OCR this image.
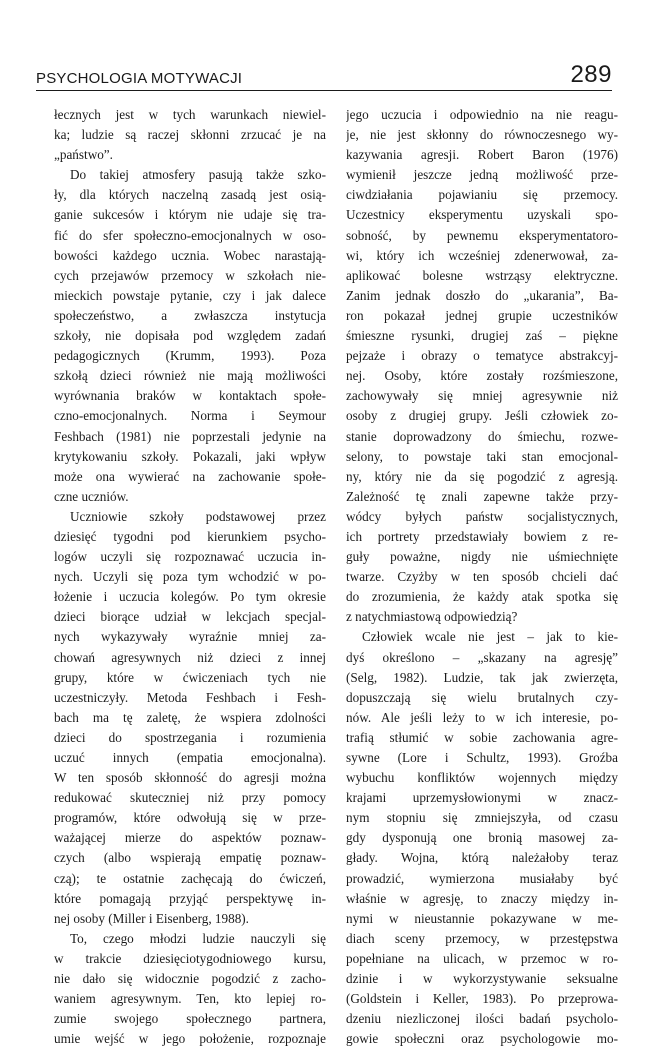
PSYCHOLOGIA MOTYWACJI	289
łecznych jest w tych warunkach niewiel-
ka; ludzie są raczej skłonni zrzucać je na
„państwo”.
Do takiej atmosfery pasują także szko-
ły, dla których naczelną zasadą jest osią-
ganie sukcesów i którym nie udaje się tra-
fić do sfer społeczno-emocjonalnych w oso-
bowości każdego ucznia. Wobec narastają-
cych przejawów przemocy w szkołach nie-
mieckich powstaje pytanie, czy i jak dalece
społeczeństwo, a zwłaszcza instytucja
szkoły, nie dopisała pod względem zadań
pedagogicznych (Krumm, 1993). Poza
szkołą dzieci również nie mają możliwości
wyrównania braków w kontaktach społe-
czno-emocjonalnych. Norma i Seymour
Feshbach (1981) nie poprzestali jedynie na
krytykowaniu szkoły. Pokazali, jaki wpływ
może ona wywierać na zachowanie społe-
czne uczniów.
Uczniowie szkoły podstawowej przez
dziesięć tygodni pod kierunkiem psycho-
logów uczyli się rozpoznawać uczucia in-
nych. Uczyli się poza tym wchodzić w po-
łożenie i uczucia kolegów. Po tym okresie
dzieci biorące udział w lekcjach specjal-
nych wykazywały wyraźnie mniej za-
chowań agresywnych niż dzieci z innej
grupy, które w ćwiczeniach tych nie
uczestniczyły. Metoda Feshbach i Fesh-
bach ma tę zaletę, że wspiera zdolności
dzieci do spostrzegania i rozumienia
uczuć innych (empatia emocjonalna).
W ten sposób skłonność do agresji można
redukować skuteczniej niż przy pomocy
programów, które odwołują się w prze-
ważającej mierze do aspektów poznaw-
czych (albo wspierają empatię poznaw-
czą); te ostatnie zachęcają do ćwiczeń,
które pomagają przyjąć perspektywę in-
nej osoby (Miller i Eisenberg, 1988).
To, czego młodzi ludzie nauczyli się
w trakcie dziesięciotygodniowego kursu,
nie dało się widocznie pogodzić z zacho-
waniem agresywnym. Ten, kto lepiej ro-
zumie swojego społecznego partnera,
umie wejść w jego położenie, rozpoznaje
jego uczucia i odpowiednio na nie reagu-
je, nie jest skłonny do równoczesnego wy-
kazywania agresji. Robert Baron (1976)
wymienił jeszcze jedną możliwość prze-
ciwdziałania pojawianiu się przemocy.
Uczestnicy eksperymentu uzyskali spo-
sobność, by pewnemu eksperymentatoro-
wi, który ich wcześniej zdenerwował, za-
aplikować bolesne wstrząsy elektryczne.
Zanim jednak doszło do „ukarania”, Ba-
ron pokazał jednej grupie uczestników
śmieszne rysunki, drugiej zaś – piękne
pejzaże i obrazy o tematyce abstrakcyj-
nej. Osoby, które zostały rozśmieszone,
zachowywały się mniej agresywnie niż
osoby z drugiej grupy. Jeśli człowiek zo-
stanie doprowadzony do śmiechu, rozwe-
selony, to powstaje taki stan emocjonal-
ny, który nie da się pogodzić z agresją.
Zależność tę znali zapewne także przy-
wódcy byłych państw socjalistycznych,
ich portrety przedstawiały bowiem z re-
guły poważne, nigdy nie uśmiechnięte
twarze. Czyżby w ten sposób chcieli dać
do zrozumienia, że każdy atak spotka się
z natychmiastową odpowiedzią?
Człowiek wcale nie jest – jak to kie-
dyś określono – „skazany na agresję”
(Selg, 1982). Ludzie, tak jak zwierzęta,
dopuszczają się wielu brutalnych czy-
nów. Ale jeśli leży to w ich interesie, po-
trafią stłumić w sobie zachowania agre-
sywne (Lore i Schultz, 1993). Groźba
wybuchu konfliktów wojennych między
krajami uprzemysłowionymi w znacz-
nym stopniu się zmniejszyła, od czasu
gdy dysponują one bronią masowej za-
głady. Wojna, którą należałoby teraz
prowadzić, wymierzona musiałaby być
właśnie w agresję, to znaczy między in-
nymi w nieustannie pokazywane w me-
diach sceny przemocy, w przestępstwa
popełniane na ulicach, w przemoc w ro-
dzinie i w wykorzystywanie seksualne
(Goldstein i Keller, 1983). Po przeprowa-
dzeniu niezliczonej ilości badań psycholo-
gowie społeczni oraz psychologowie mo-
